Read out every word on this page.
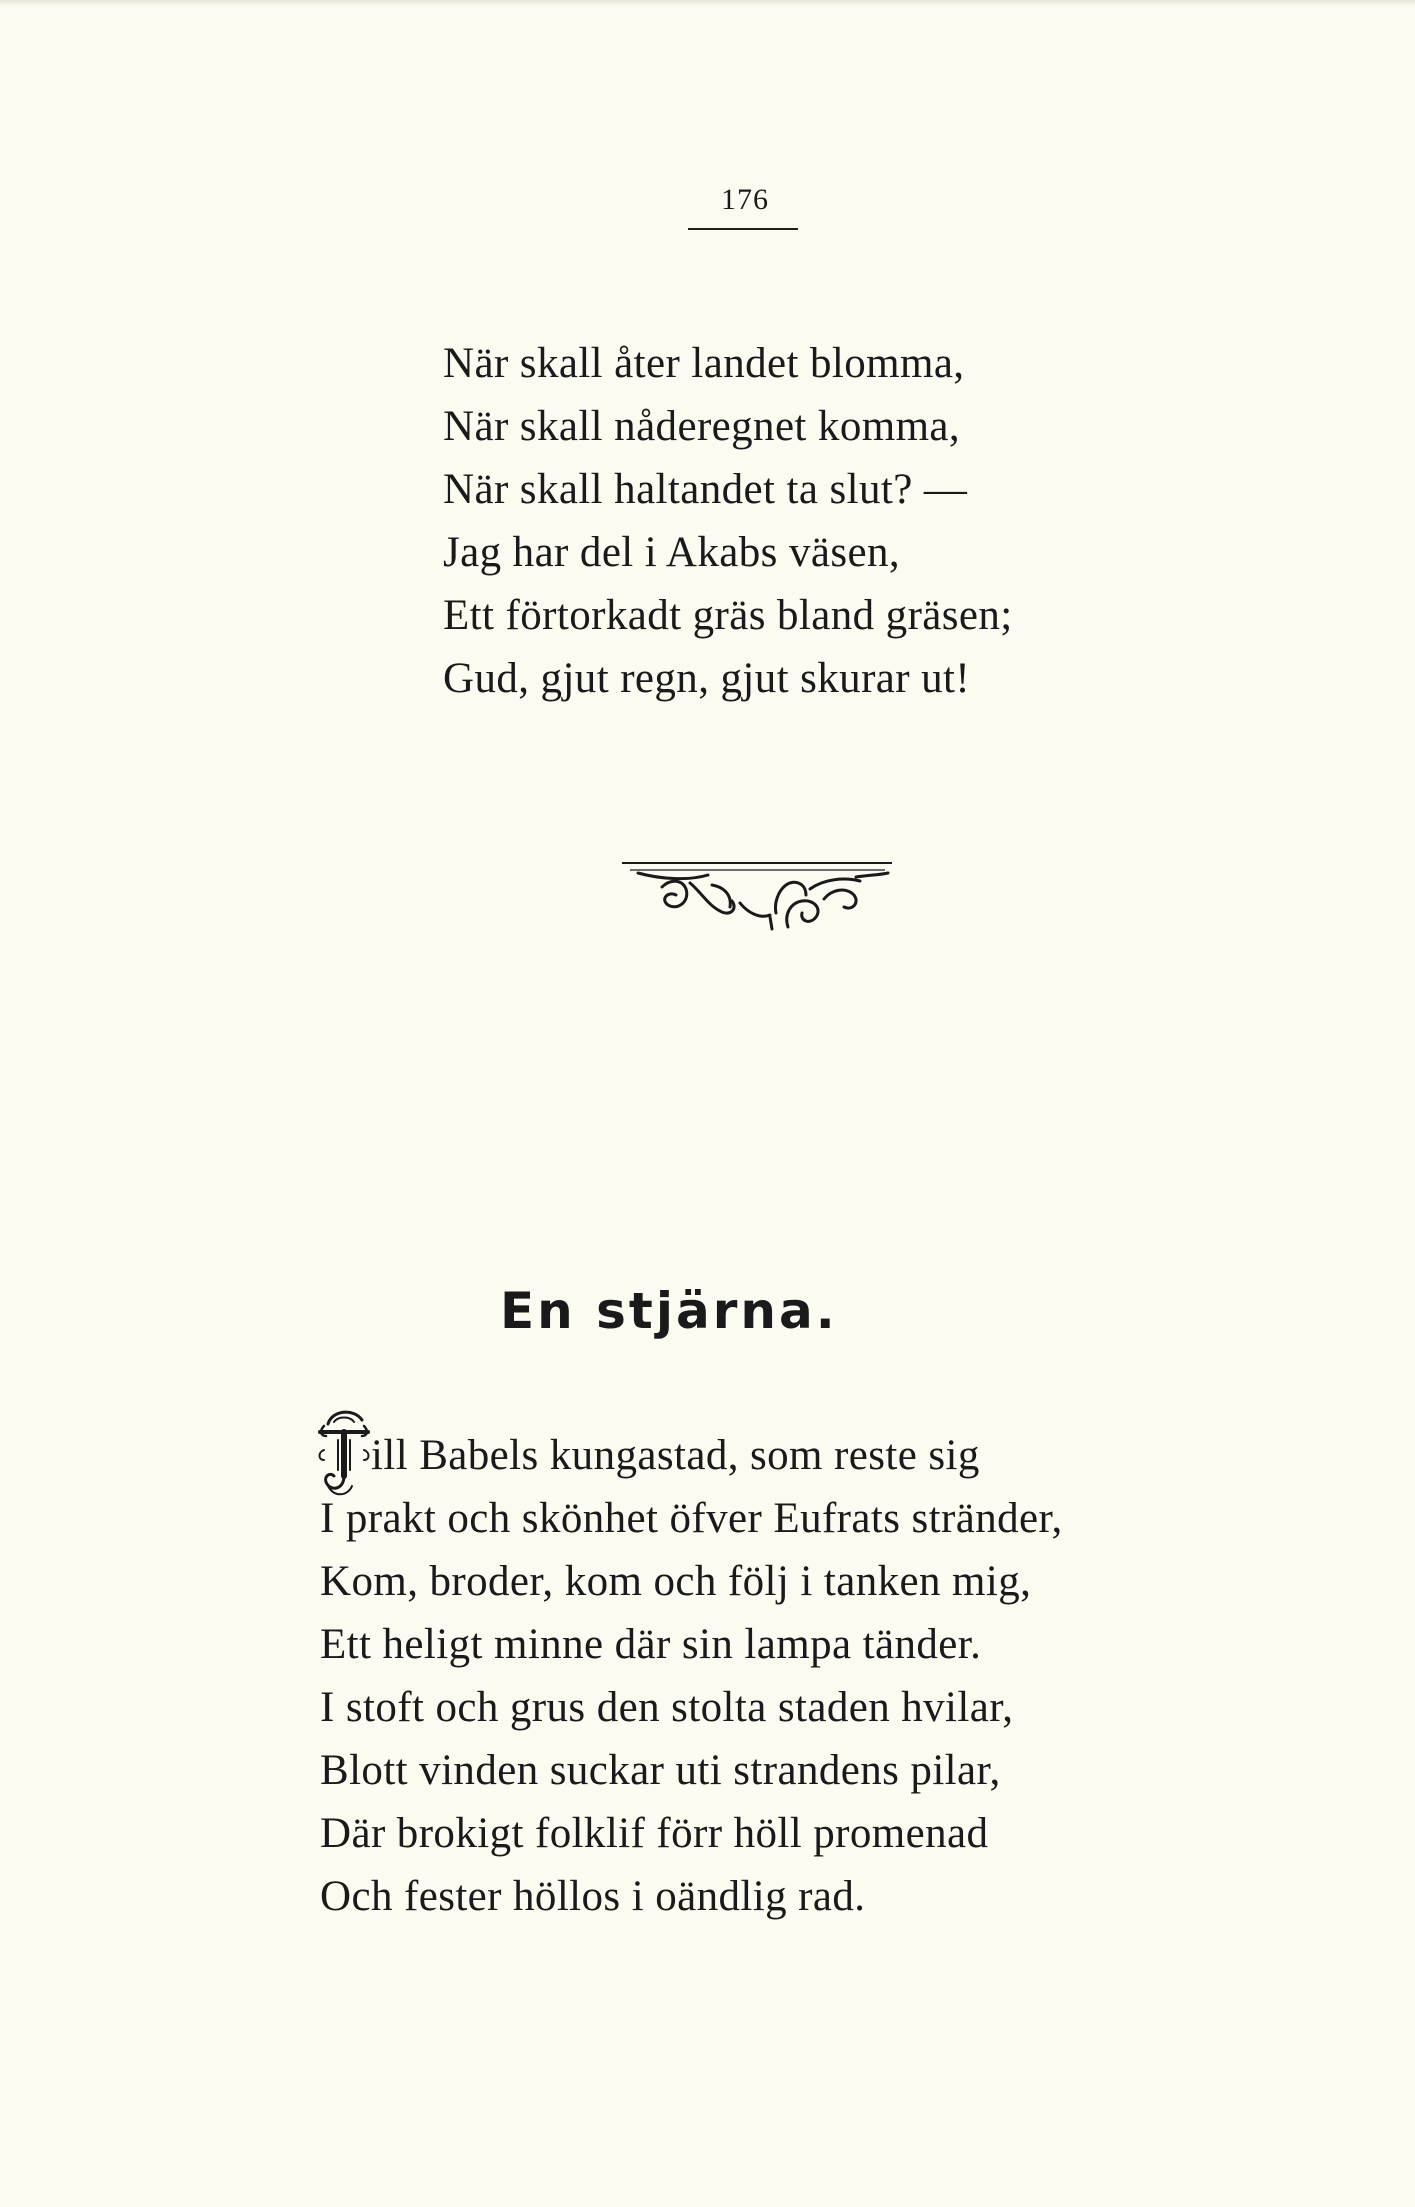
176
När skall åter landet blomma,
När skall nåderegnet komma,
När skall haltandet ta slut? —
Jag har del i Akabs väsen,
Ett förtorkadt gräs bland gräsen;
Gud, gjut regn, gjut skurar ut!
En stjärna.
ill Babels kungastad, som reste sig
I prakt och skönhet öfver Eufrats stränder,
Kom, broder, kom och följ i tanken mig,
Ett heligt minne där sin lampa tänder.
I stoft och grus den stolta staden hvilar,
Blott vinden suckar uti strandens pilar,
Där brokigt folklif förr höll promenad
Och fester höllos i oändlig rad.
